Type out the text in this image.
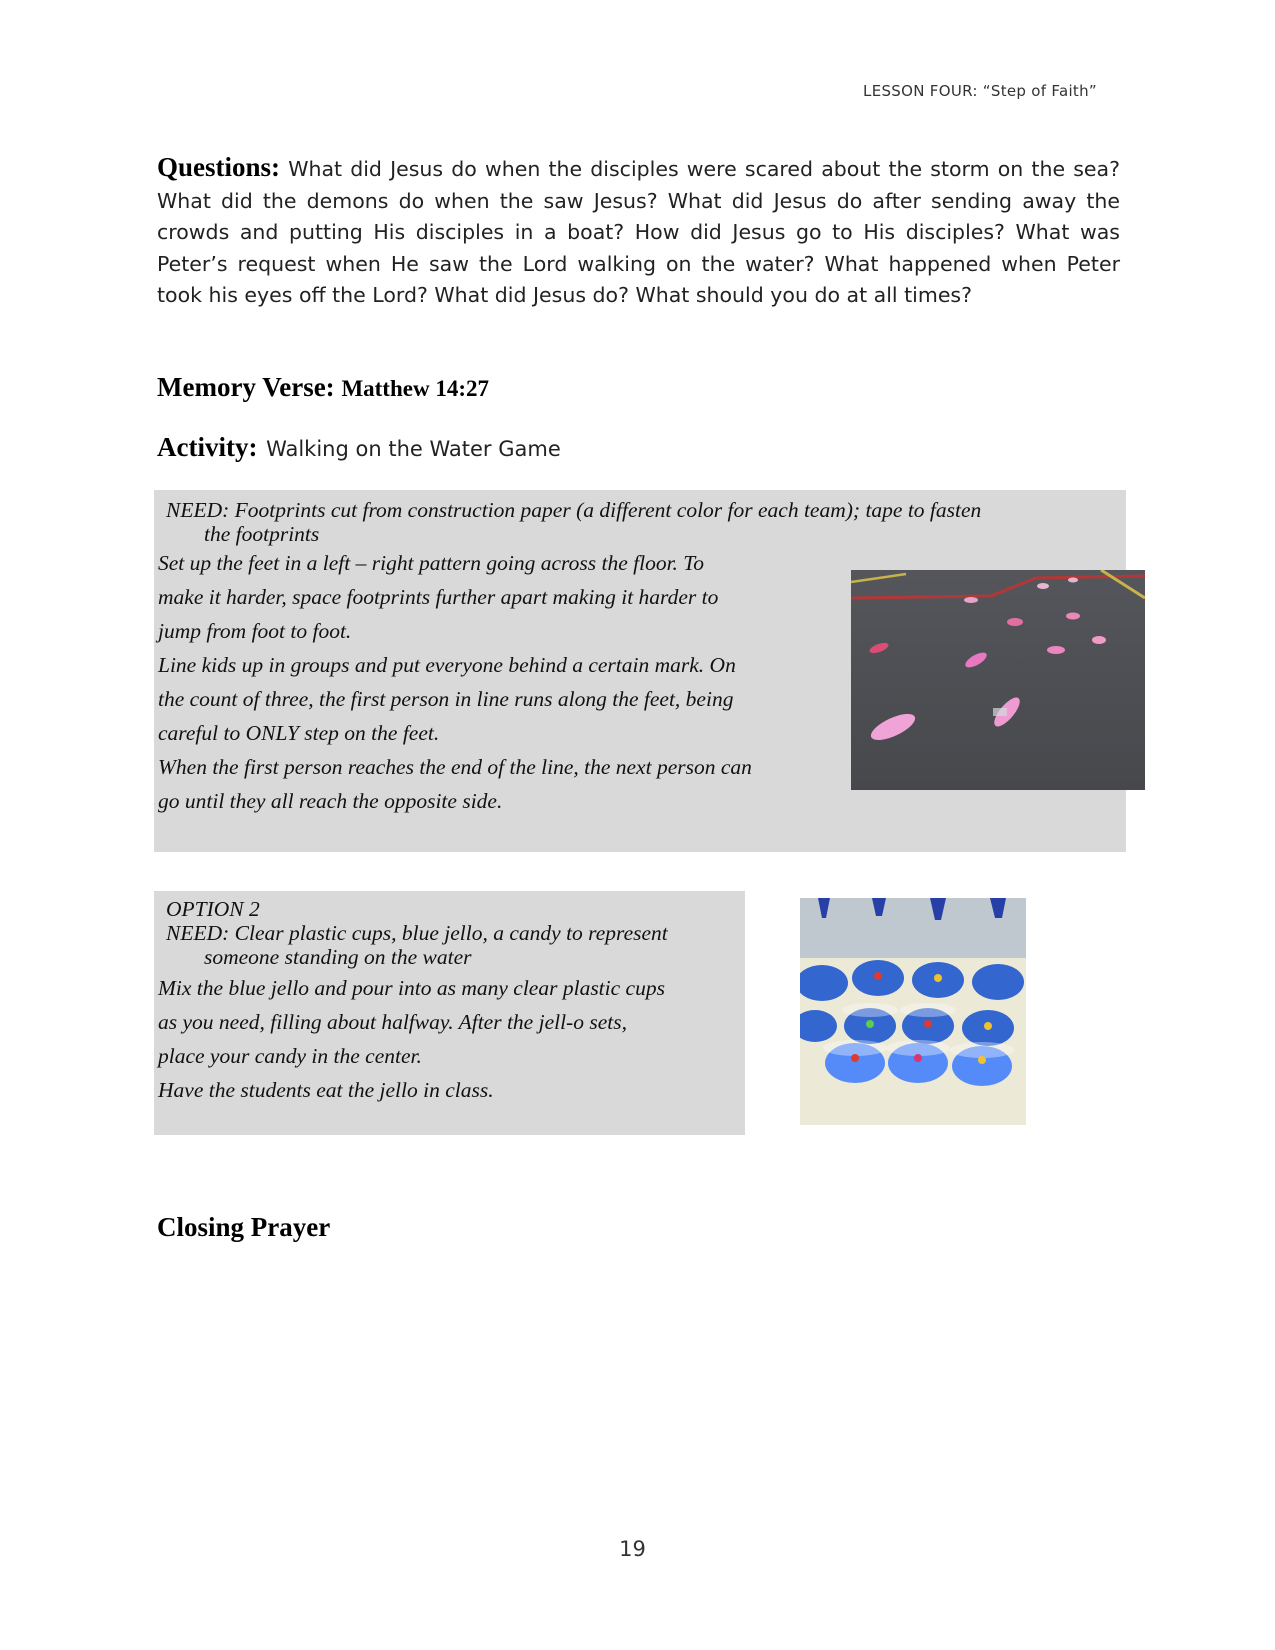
LESSON FOUR: “Step of Faith”
Questions: What did Jesus do when the disciples were scared about the storm on the sea? What did the demons do when the saw Jesus? What did Jesus do after sending away the crowds and putting His disciples in a boat? How did Jesus go to His disciples? What was Peter’s request when He saw the Lord walking on the water? What happened when Peter took his eyes off the Lord? What did Jesus do? What should you do at all times?
Memory Verse: Matthew 14:27
Activity: Walking on the Water Game
NEED: Footprints cut from construction paper (a different color for each team); tape to fasten
the footprints
Set up the feet in a left – right pattern going across the floor. To
make it harder, space footprints further apart making it harder to
jump from foot to foot.
Line kids up in groups and put everyone behind a certain mark. On
the count of three, the first person in line runs along the feet, being
careful to ONLY step on the feet.
When the first person reaches the end of the line, the next person can
go until they all reach the opposite side.
OPTION 2
NEED: Clear plastic cups, blue jello, a candy to represent
someone standing on the water
Mix the blue jello and pour into as many clear plastic cups
as you need, filling about halfway. After the jell-o sets,
place your candy in the center.
Have the students eat the jello in class.
Closing Prayer
19
